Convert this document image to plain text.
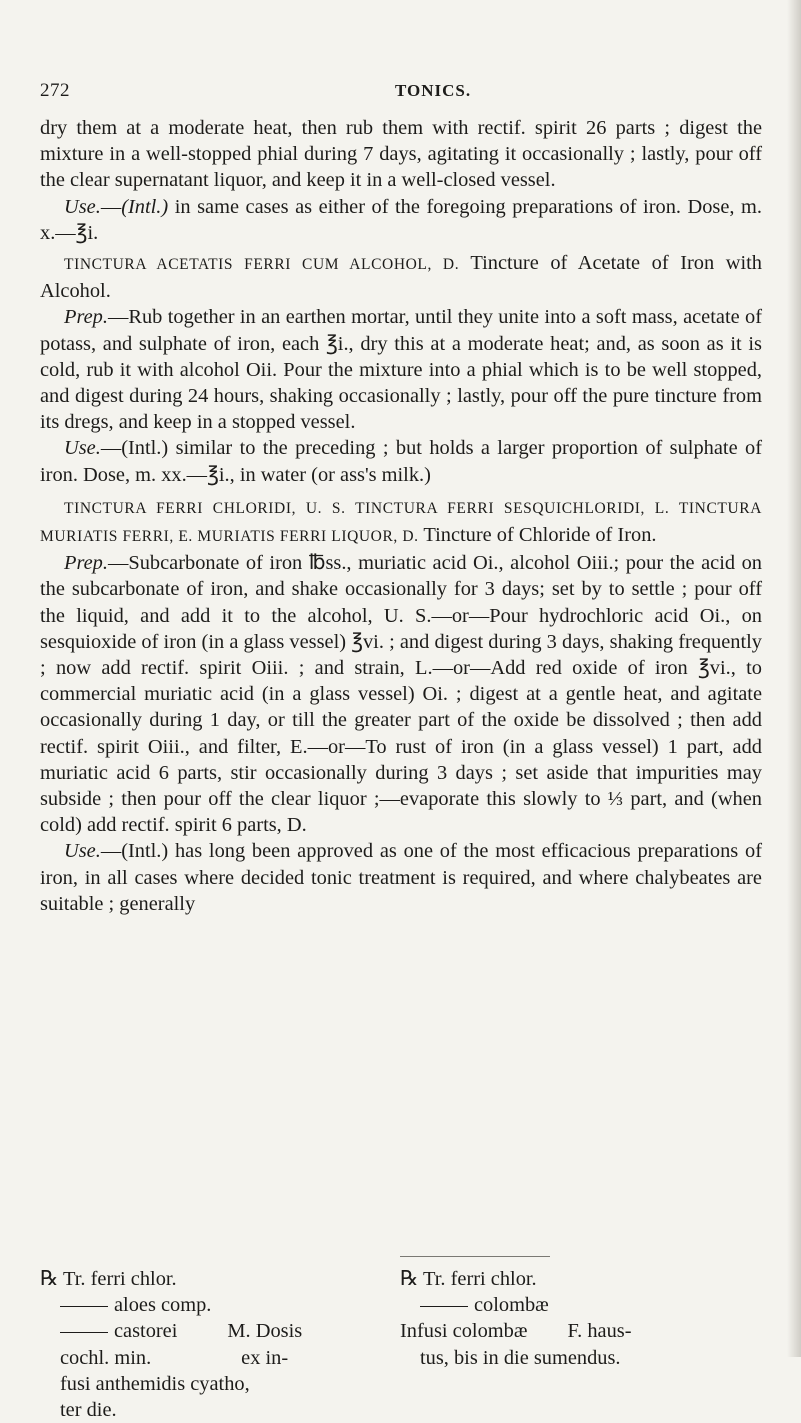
272	TONICS.

dry them at a moderate heat, then rub them with rectif. spirit 26 parts ; digest the mixture in a well-stopped phial during 7 days, agitating it occasionally ; lastly, pour off the clear supernatant liquor, and keep it in a well-closed vessel.

Use.—(Intl.) in same cases as either of the foregoing preparations of iron. Dose, m. x.—℥i.

TINCTURA ACETATIS FERRI CUM ALCOHOL, D. Tincture of Acetate of Iron with Alcohol.

Prep.—Rub together in an earthen mortar, until they unite into a soft mass, acetate of potass, and sulphate of iron, each ℥i., dry this at a moderate heat; and, as soon as it is cold, rub it with alcohol Oii. Pour the mixture into a phial which is to be well stopped, and digest during 24 hours, shaking occasionally ; lastly, pour off the pure tincture from its dregs, and keep in a stopped vessel.

Use.—(Intl.) similar to the preceding ; but holds a larger proportion of sulphate of iron. Dose, m. xx.—℥i., in water (or ass's milk.)

TINCTURA FERRI CHLORIDI, U. S. TINCTURA FERRI SESQUICHLORIDI, L. TINCTURA MURIATIS FERRI, E. MURIATIS FERRI LIQUOR, D. Tincture of Chloride of Iron.

Prep.—Subcarbonate of iron ℔ss., muriatic acid Oi., alcohol Oiii.; pour the acid on the subcarbonate of iron, and shake occasionally for 3 days; set by to settle ; pour off the liquid, and add it to the alcohol, U. S.—or—Pour hydrochloric acid Oi., on sesquioxide of iron (in a glass vessel) ℥vi. ; and digest during 3 days, shaking frequently ; now add rectif. spirit Oiii. ; and strain, L.—or—Add red oxide of iron ℥vi., to commercial muriatic acid (in a glass vessel) Oi. ; digest at a gentle heat, and agitate occasionally during 1 day, or till the greater part of the oxide be dissolved ; then add rectif. spirit Oiii., and filter, E.—or—To rust of iron (in a glass vessel) 1 part, add muriatic acid 6 parts, stir occasionally during 3 days ; set aside that impurities may subside ; then pour off the clear liquor ;—evaporate this slowly to ⅓ part, and (when cold) add rectif. spirit 6 parts, D.

Use.—(Intl.) has long been approved as one of the most efficacious preparations of iron, in all cases where decided tonic treatment is required, and where chalybeates are suitable ; generally

℞ Tr. ferri chlor.
aloes comp.
castorei M. Dosis
cochl. min.	ex in-
fusi anthemidis cyatho,
ter die.
℞ Tr. ferri chlor.
colombæ
Infusi colombæ F. haus-
tus, bis in die sumendus.
